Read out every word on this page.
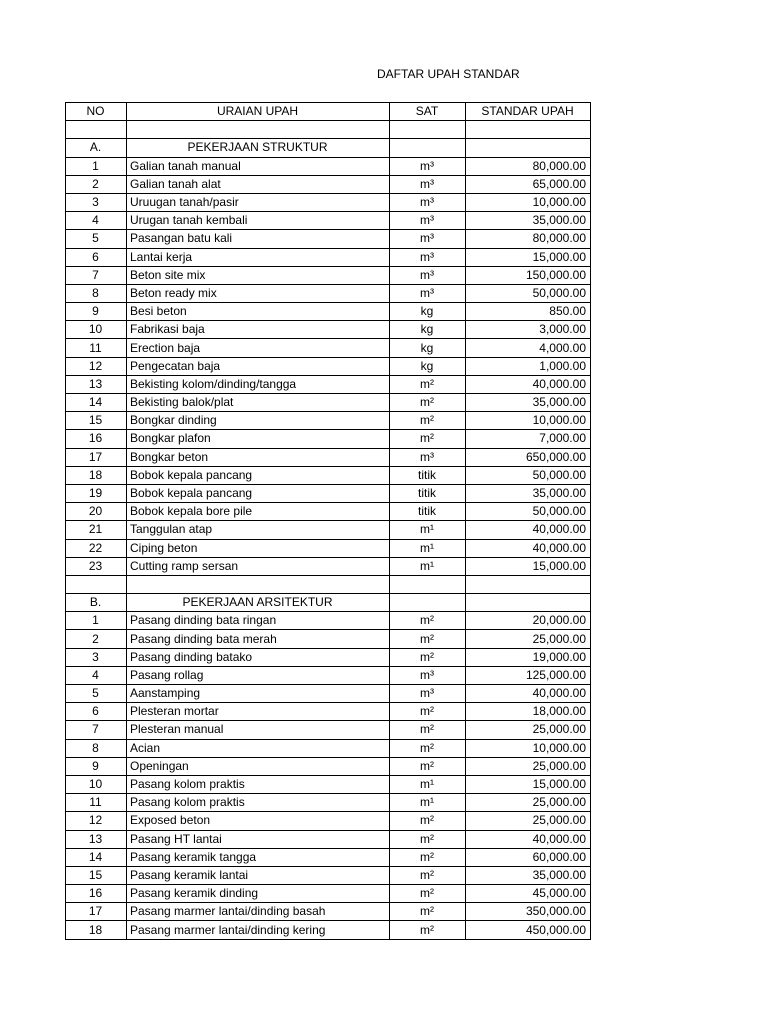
DAFTAR UPAH STANDAR
NO	URAIAN UPAH	SAT	STANDAR UPAH

A.	PEKERJAAN STRUKTUR		
1	Galian tanah manual	m³	80,000.00
2	Galian tanah alat	m³	65,000.00
3	Uruugan tanah/pasir	m³	10,000.00
4	Urugan tanah kembali	m³	35,000.00
5	Pasangan batu kali	m³	80,000.00
6	Lantai kerja	m³	15,000.00
7	Beton site mix	m³	150,000.00
8	Beton ready mix	m³	50,000.00
9	Besi beton	kg	850.00
10	Fabrikasi baja	kg	3,000.00
11	Erection baja	kg	4,000.00
12	Pengecatan baja	kg	1,000.00
13	Bekisting kolom/dinding/tangga	m²	40,000.00
14	Bekisting balok/plat	m²	35,000.00
15	Bongkar dinding	m²	10,000.00
16	Bongkar plafon	m²	7,000.00
17	Bongkar beton	m³	650,000.00
18	Bobok kepala pancang	titik	50,000.00
19	Bobok kepala pancang	titik	35,000.00
20	Bobok kepala bore pile	titik	50,000.00
21	Tanggulan atap	m¹	40,000.00
22	Ciping beton	m¹	40,000.00
23	Cutting ramp sersan	m¹	15,000.00

B.	PEKERJAAN ARSITEKTUR		
1	Pasang dinding bata ringan	m²	20,000.00
2	Pasang dinding bata merah	m²	25,000.00
3	Pasang dinding batako	m²	19,000.00
4	Pasang rollag	m³	125,000.00
5	Aanstamping	m³	40,000.00
6	Plesteran mortar	m²	18,000.00
7	Plesteran manual	m²	25,000.00
8	Acian	m²	10,000.00
9	Openingan	m²	25,000.00
10	Pasang kolom praktis	m¹	15,000.00
11	Pasang kolom praktis	m¹	25,000.00
12	Exposed beton	m²	25,000.00
13	Pasang HT lantai	m²	40,000.00
14	Pasang keramik tangga	m²	60,000.00
15	Pasang keramik lantai	m²	35,000.00
16	Pasang keramik dinding	m²	45,000.00
17	Pasang marmer lantai/dinding basah	m²	350,000.00
18	Pasang marmer lantai/dinding kering	m²	450,000.00
